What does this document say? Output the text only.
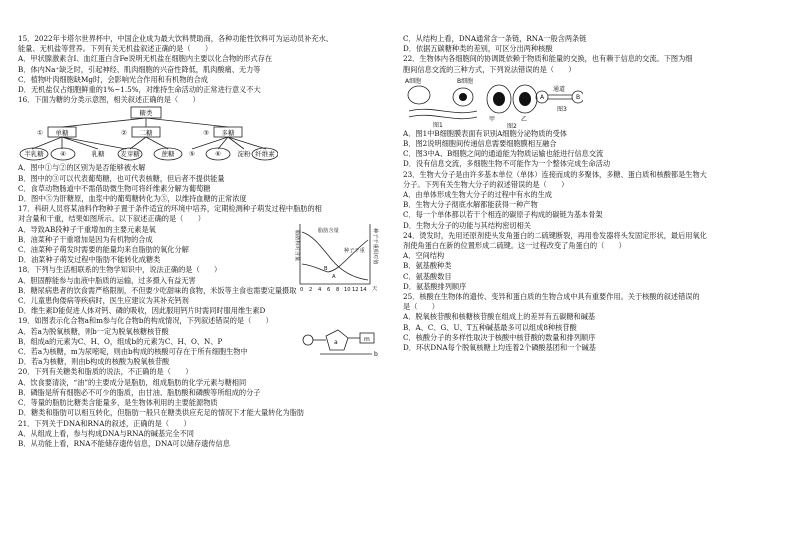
15．2022年卡塔尔世界杯中，中国企业成为最大饮料赞助商，各种功能性饮料可为运动员补充水、
能量、无机盐等营养。下列有关无机盐叙述正确的是（　　）
A．甲状腺激素含I、血红蛋白含Fe说明无机盐在细胞内主要以化合物的形式存在
B．体内Na⁺缺乏时，引起神经、肌肉细胞的兴奋性降低，肌肉酸痛、无力等
C．植物叶肉细胞缺Mg时，会影响光合作用和有机物的合成
D．无机盐仅占细胞鲜重的1%~1.5%，对维持生命活动的正常进行意义不大
16．下面为糖的分类示意图，相关叙述正确的是（　　）
糖类
① 单糖	② 二糖	③ 多糖
半乳糖	④	乳糖 麦芽糖	蔗糖 ⑤	⑥	淀粉 纤维素
A．图中①与②的区别为是否能够被水解
B．图中的③可以代表葡萄糖，也可代表核糖，但后者不提供能量
C．食草动物肠道中不需借助微生物可将纤维素分解为葡萄糖
D．图中⑤为肝糖原，血浆中的葡萄糖转化为⑤，以维持血糖的正常浓度
17．科研人员将某油料作物种子置于条件适宜的环境中培养，定期检测种子萌发过程中脂肪的相
对含量和干重，结果如图所示。以下叙述正确的是（　　）
A．导致AB段种子干重增加的主要元素是氧
B．油菜种子干重增加是因为有机物的合成
C．油菜种子萌发时需要的能量均来自脂肪的氧化分解
D．油菜种子萌发过程中脂肪不能转化成糖类
脂肪含量
种子干重
B
A
天
0 2 4 6 8 10 12 14
脂肪相对含量	种子干重相对值
18．下列与生活相联系的生物学知识中，说法正确的是（　　）
A．胆固醇能参与血液中脂质的运输，过多摄入有益无害
B．糖尿病患者的饮食需严格限制，不但要少吃甜味的食物，米饭等主食也需要定量摄取
C．儿童患佝偻病等疾病时，医生应建议为其补充钙剂
D．维生素D能促进人体对钙、磷的吸收，因此服用钙片时需同时服用维生素D
19．如图表示化合物a和m参与化合物b的构成情况，下列叙述错误的是（　　）
A．若a为脱氧核糖，则b一定为脱氧核糖核苷酸
B．组成a的元素为C、H、O，组成b的元素为C、H、O、N、P
C．若a为核糖，m为尿嘧啶，则由b构成的核酸可存在于所有细胞生物中
D．若a为核糖，则由b构成的核酸为脱氧核苷酸
a	m
b
20．下列有关糖类和脂质的说法，不正确的是（　　）
A．饮食要清淡，“油”的主要成分是脂肪，组成脂肪的化学元素与糖相同
B．磷脂是所有细胞必不可少的脂质，由甘油、脂肪酸和磷酸等所组成的分子
C．等量的脂肪比糖类含能量多，是生物体利用的主要能源物质
D．糖类和脂肪可以相互转化，但脂肪一般只在糖类供应充足的情况下才能大量转化为脂肪
21．下列关于DNA和RNA的叙述，正确的是（　　）
A．从组成上看，参与构成DNA与RNA的碱基完全不同
B．从功能上看，RNA不能储存遗传信息，DNA可以储存遗传信息
C．从结构上看，DNA通常含一条链，RNA一般含两条链
D．依据五碳糖种类的差别，可区分出两种核酸
22．生物体内各细胞间的协调既依赖于物质和能量的交换，也有赖于信息的交流。下图为细
胞间信息交流的三种方式，下列说法错误的是（　　）
A细胞	B细胞
甲	乙
图1	图2
图3
A	B
通道
A．图1中B细胞膜表面有识别A细胞分泌物质的受体
B．图2说明细胞间传递信息需要细胞膜相互融合
C．图3中A、B细胞之间的通道能为物质运输也能进行信息交流
D．没有信息交流，多细胞生物不可能作为一个整体完成生命活动
23．生物大分子是由许多基本单位（单体）连接而成的多聚体，多糖、蛋白质和核酸都是生物大
分子。下列有关生物大分子的叙述错误的是（　　）
A．由单体形成生物大分子的过程中有水的生成
B．生物大分子彻底水解都能获得一种产物
C．每一个单体都以若干个相连的碳原子构成的碳链为基本骨架
D．生物大分子的功能与其结构密切相关
24．烫发时，先用还原剂使头发角蛋白的二硫键断裂，再用卷发器将头发固定形状，最后用氧化
剂使角蛋白在新的位置形成二硫键。这一过程改变了角蛋白的（　　）
A．空间结构
B．氨基酸种类
C．氨基酸数目
D．氨基酸排列顺序
25．核酸在生物体的遗传、变异和蛋白质的生物合成中具有重要作用。关于核酸的叙述错误的
是（　　）
A．脱氧核苷酸和核糖核苷酸在组成上的差异有五碳糖和碱基
B．A、C、G、U、T五种碱基最多可以组成8种核苷酸
C．核酸分子的多样性取决于核酸中核苷酸的数量和排列顺序
D．环状DNA每个脱氧核糖上均连着2个磷酸基团和一个碱基
